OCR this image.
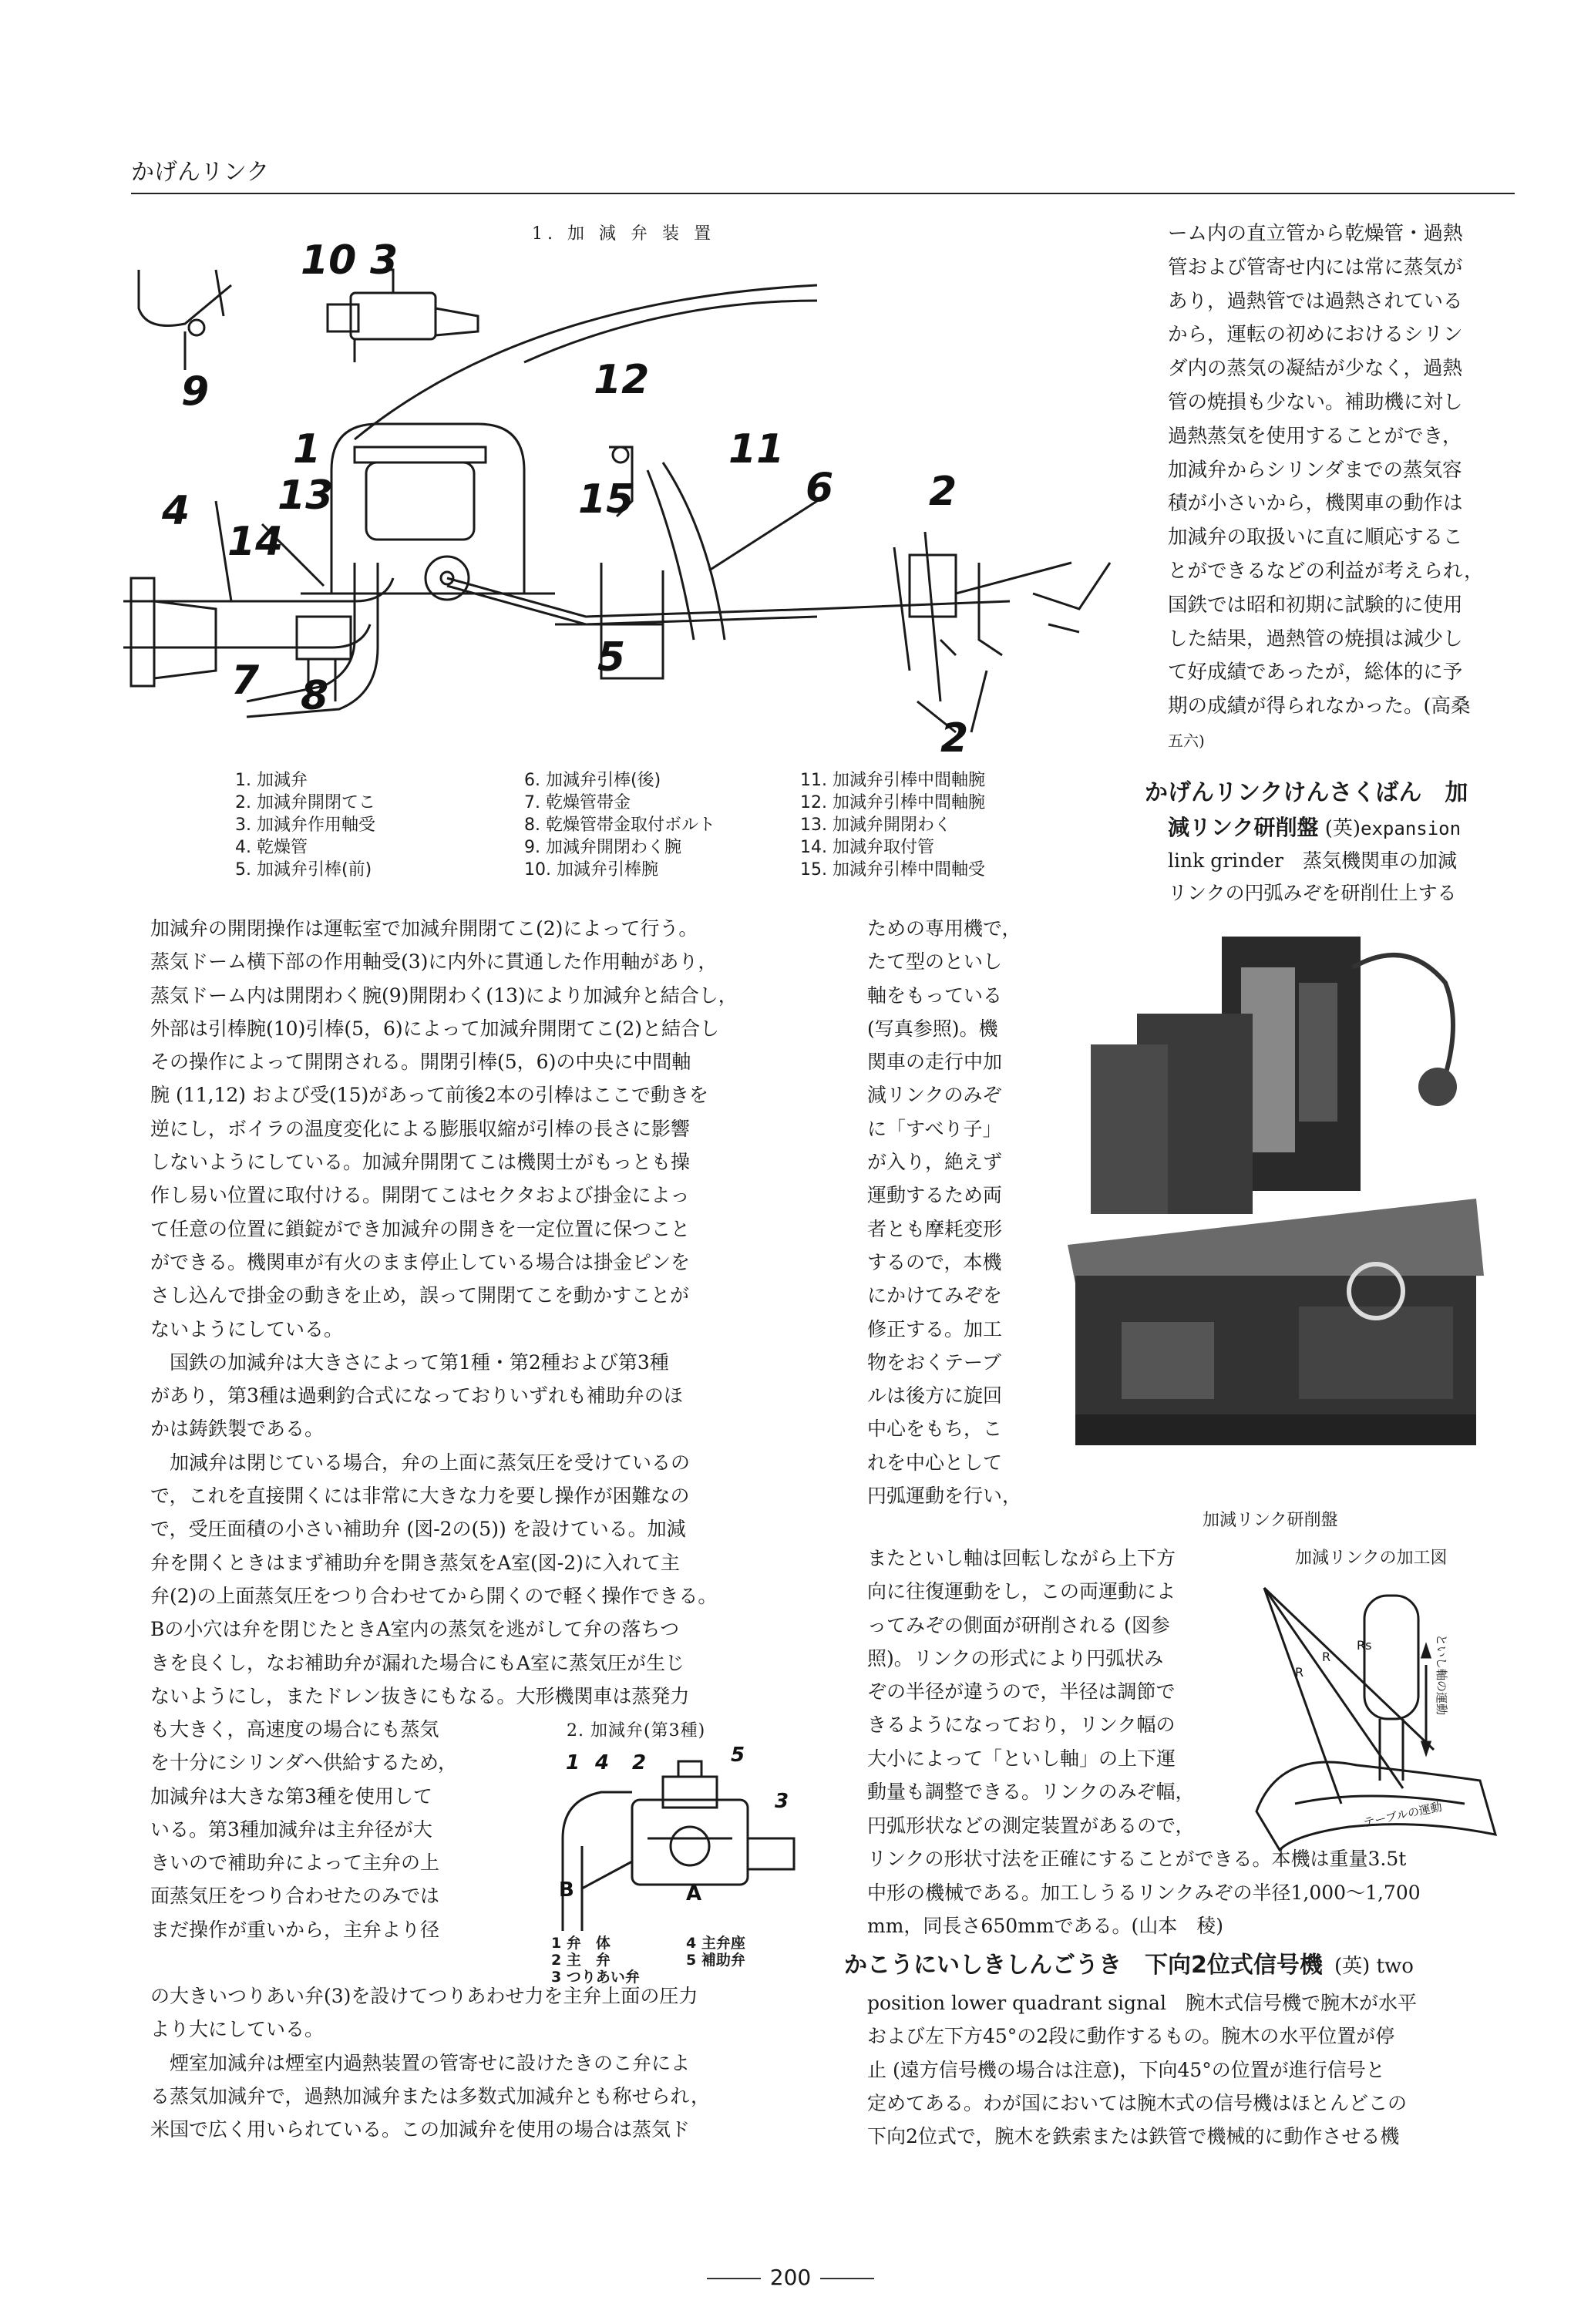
かげんリンク
1. 加 減 弁 装 置
10 3
9	12
11
1
13	15	6 2
4
14
5
7 8
2
1. 加減弁
2. 加減弁開閉てこ
3. 加減弁作用軸受
4. 乾燥管
5. 加減弁引棒(前)
6. 加減弁引棒(後)
7. 乾燥管帯金
8. 乾燥管帯金取付ボルト
9. 加減弁開閉わく腕
10. 加減弁引棒腕
11. 加減弁引棒中間軸腕
12. 加減弁引棒中間軸腕
13. 加減弁開閉わく
14. 加減弁取付管
15. 加減弁引棒中間軸受

ーム内の直立管から乾燥管・過熱
管および管寄せ内には常に蒸気が
あり，過熱管では過熱されている
から，運転の初めにおけるシリン
ダ内の蒸気の凝結が少なく，過熱
管の焼損も少ない。補助機に対し
過熱蒸気を使用することができ，
加減弁からシリンダまでの蒸気容
積が小さいから，機関車の動作は
加減弁の取扱いに直に順応するこ
とができるなどの利益が考えられ，
国鉄では昭和初期に試験的に使用
した結果，過熱管の焼損は減少し
て好成績であったが，総体的に予
期の成績が得られなかった。(高桑
五六)

かげんリンクけんさくばん　加
減リンク研削盤 (英)expansion
link grinder　蒸気機関車の加減
リンクの円弧みぞを研削仕上する

加減弁の開閉操作は運転室で加減弁開閉てこ(2)によって行う。
蒸気ドーム横下部の作用軸受(3)に内外に貫通した作用軸があり，
蒸気ドーム内は開閉わく腕(9)開閉わく(13)により加減弁と結合し，
外部は引棒腕(10)引棒(5，6)によって加減弁開閉てこ(2)と結合し
その操作によって開閉される。開閉引棒(5，6)の中央に中間軸
腕 (11,12) および受(15)があって前後2本の引棒はここで動きを
逆にし，ボイラの温度変化による膨脹収縮が引棒の長さに影響
しないようにしている。加減弁開閉てこは機関士がもっとも操
作し易い位置に取付ける。開閉てこはセクタおよび掛金によっ
て任意の位置に鎖錠ができ加減弁の開きを一定位置に保つこと
ができる。機関車が有火のまま停止している場合は掛金ピンを
さし込んで掛金の動きを止め，誤って開閉てこを動かすことが
ないようにしている。
　国鉄の加減弁は大きさによって第1種・第2種および第3種
があり，第3種は過剰釣合式になっておりいずれも補助弁のほ
かは鋳鉄製である。
　加減弁は閉じている場合，弁の上面に蒸気圧を受けているの
で，これを直接開くには非常に大きな力を要し操作が困難なの
で，受圧面積の小さい補助弁 (図-2の(5)) を設けている。加減
弁を開くときはまず補助弁を開き蒸気をA室(図-2)に入れて主
弁(2)の上面蒸気圧をつり合わせてから開くので軽く操作できる。
Bの小穴は弁を閉じたときA室内の蒸気を逃がして弁の落ちつ
きを良くし，なお補助弁が漏れた場合にもA室に蒸気圧が生じ
ないようにし，またドレン抜きにもなる。大形機関車は蒸発力

も大きく，高速度の場合にも蒸気
を十分にシリンダへ供給するため，
加減弁は大きな第3種を使用して
いる。第3種加減弁は主弁径が大
きいので補助弁によって主弁の上
面蒸気圧をつり合わせたのみでは
まだ操作が重いから，主弁より径

2. 加減弁(第3種)
1 4 2	5
3
B	A
1 弁　体
2 主　弁
3 つりあい弁
4 主弁座
5 補助弁

の大きいつりあい弁(3)を設けてつりあわせ力を主弁上面の圧力
より大にしている。
　煙室加減弁は煙室内過熱装置の管寄せに設けたきのこ弁によ
る蒸気加減弁で，過熱加減弁または多数式加減弁とも称せられ，
米国で広く用いられている。この加減弁を使用の場合は蒸気ド

ための専用機で，
たて型のといし
軸をもっている
(写真参照)。機
関車の走行中加
減リンクのみぞ
に「すべり子」
が入り，絶えず
運動するため両
者とも摩耗変形
するので，本機
にかけてみぞを
修正する。加工
物をおくテーブ
ルは後方に旋回
中心をもち，こ
れを中心として
円弧運動を行い，

加減リンク研削盤
加減リンクの加工図
R
R
Rs	といし軸の運動
テーブルの運動

またといし軸は回転しながら上下方
向に往復運動をし，この両運動によ
ってみぞの側面が研削される (図参
照)。リンクの形式により円弧状み
ぞの半径が違うので，半径は調節で
きるようになっており，リンク幅の
大小によって「といし軸」の上下運
動量も調整できる。リンクのみぞ幅，

円弧形状などの測定装置があるので，
リンクの形状寸法を正確にすることができる。本機は重量3.5t
中形の機械である。加工しうるリンクみぞの半径1,000～1,700
mm，同長さ650mmである。(山本　稜)

かこうにいしきしんごうき　下向2位式信号機 (英) two
position lower quadrant signal　腕木式信号機で腕木が水平
および左下方45°の2段に動作するもの。腕木の水平位置が停
止 (遠方信号機の場合は注意)，下向45°の位置が進行信号と
定めてある。わが国においては腕木式の信号機はほとんどこの
下向2位式で，腕木を鉄索または鉄管で機械的に動作させる機
200
